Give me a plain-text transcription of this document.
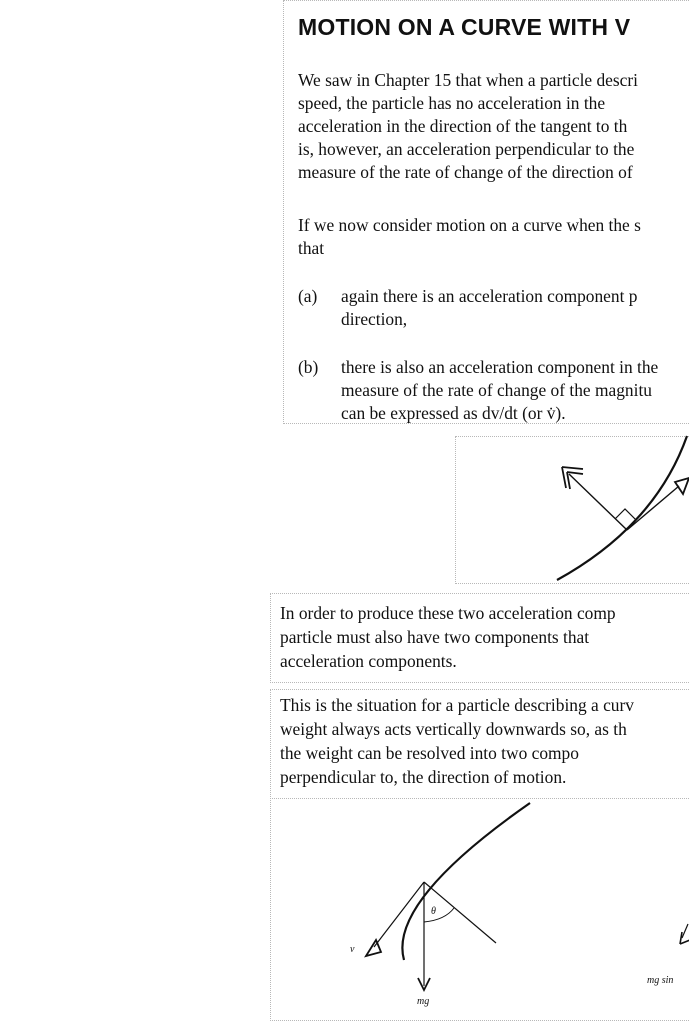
MOTION ON A CURVE WITH V
We saw in Chapter 15 that when a particle descri
speed, the particle has no acceleration in the
acceleration in the direction of the tangent to th
is, however, an acceleration perpendicular to the
measure of the rate of change of the direction of
If we now consider motion on a curve when the s
that
(a) again there is an acceleration component p
direction,
(b) there is also an acceleration component in the
measure of the rate of change of the magnitu
can be expressed as dv/dt (or v̇).
In order to produce these two acceleration comp
particle must also have two components that
acceleration components.
This is the situation for a particle describing a curv
weight always acts vertically downwards so, as th
the weight can be resolved into two compo
perpendicular to, the direction of motion.
v
θ
mg
mg sin
